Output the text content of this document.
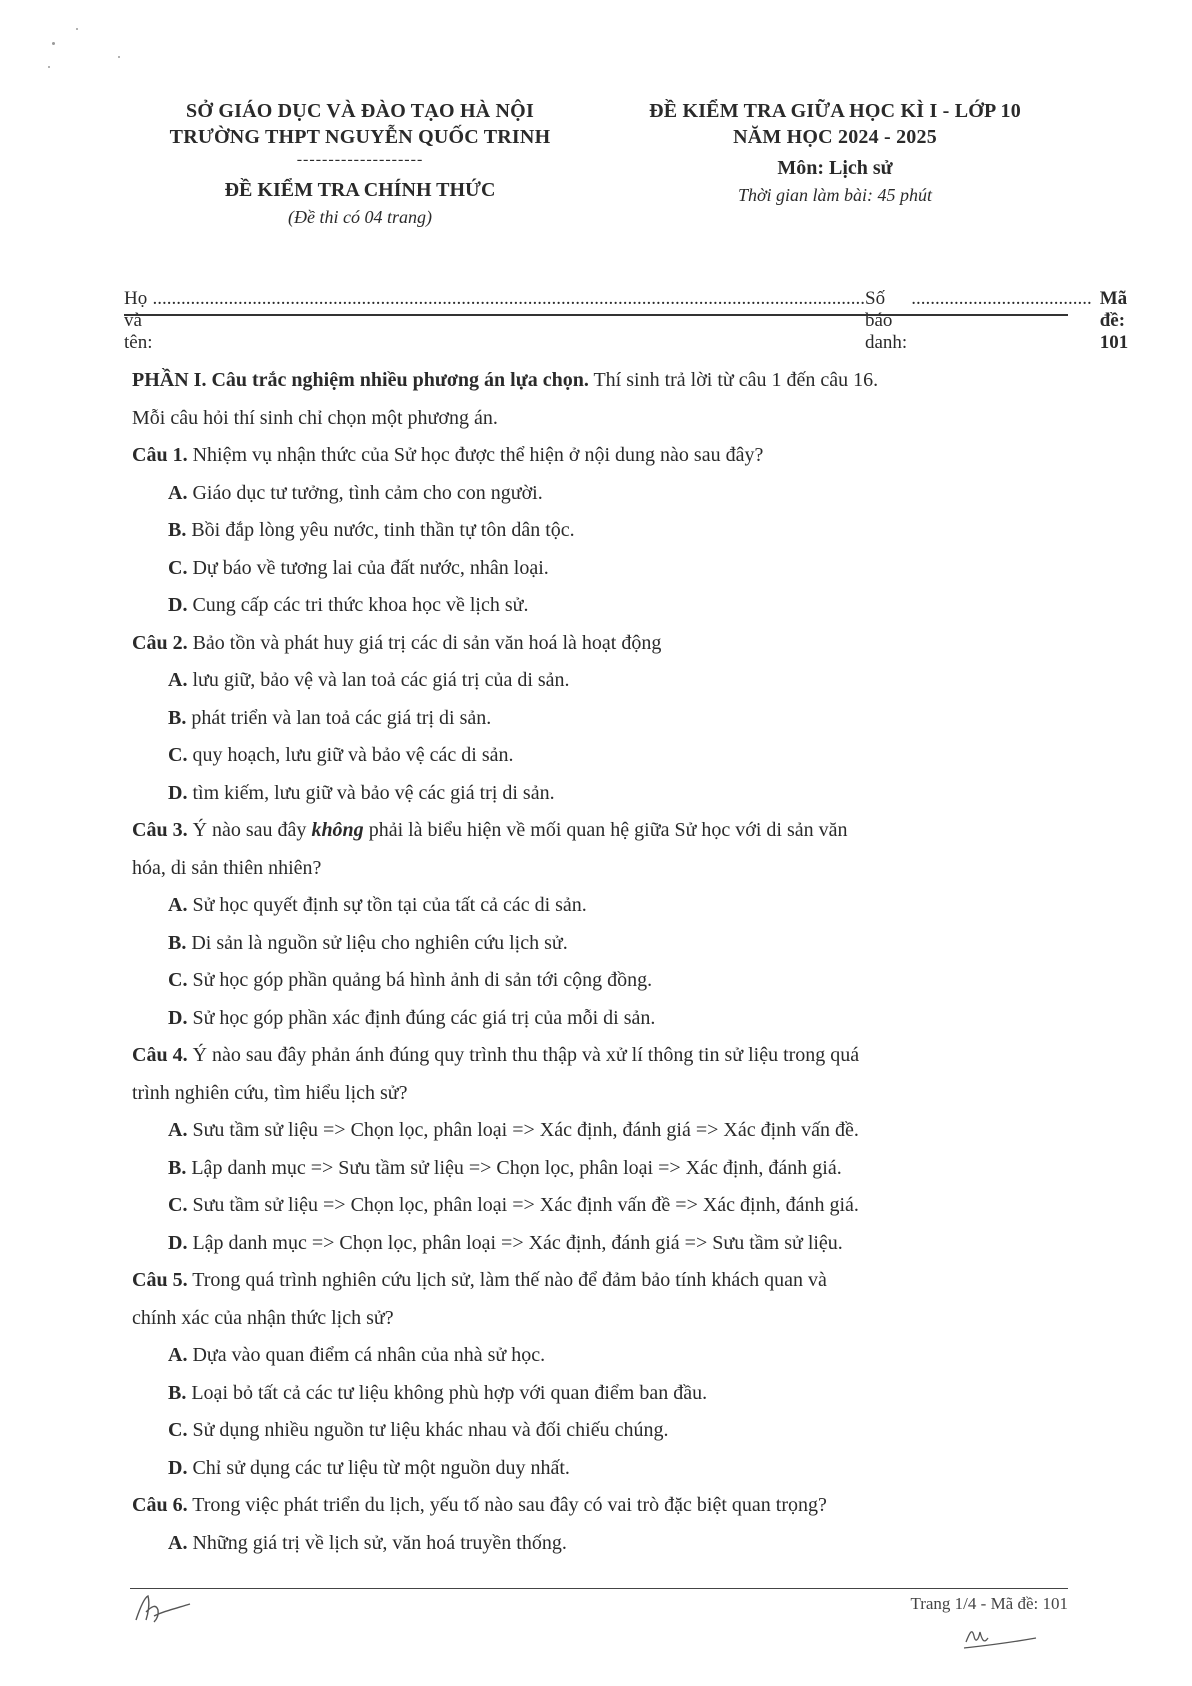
SỞ GIÁO DỤC VÀ ĐÀO TẠO HÀ NỘI
TRƯỜNG THPT NGUYỄN QUỐC TRINH
--------------------
ĐỀ KIỂM TRA CHÍNH THỨC
(Đề thi có 04 trang)
ĐỀ KIỂM TRA GIỮA HỌC KÌ I - LỚP 10
NĂM HỌC 2024 - 2025
Môn: Lịch sử
Thời gian làm bài: 45 phút
Họ và tên:
...................................................................................................................................................... Số báo danh:
...................................... Mã đề: 101

PHẦN I. Câu trắc nghiệm nhiều phương án lựa chọn. Thí sinh trả lời từ câu 1 đến câu 16.

Mỗi câu hỏi thí sinh chỉ chọn một phương án.

Câu 1. Nhiệm vụ nhận thức của Sử học được thể hiện ở nội dung nào sau đây?

A. Giáo dục tư tưởng, tình cảm cho con người.

B. Bồi đắp lòng yêu nước, tinh thần tự tôn dân tộc.

C. Dự báo về tương lai của đất nước, nhân loại.

D. Cung cấp các tri thức khoa học về lịch sử.

Câu 2. Bảo tồn và phát huy giá trị các di sản văn hoá là hoạt động

A. lưu giữ, bảo vệ và lan toả các giá trị của di sản.

B. phát triển và lan toả các giá trị di sản.

C. quy hoạch, lưu giữ và bảo vệ các di sản.

D. tìm kiếm, lưu giữ và bảo vệ các giá trị di sản.

Câu 3. Ý nào sau đây không phải là biểu hiện về mối quan hệ giữa Sử học với di sản văn

hóa, di sản thiên nhiên?

A. Sử học quyết định sự tồn tại của tất cả các di sản.

B. Di sản là nguồn sử liệu cho nghiên cứu lịch sử.

C. Sử học góp phần quảng bá hình ảnh di sản tới cộng đồng.

D. Sử học góp phần xác định đúng các giá trị của mỗi di sản.

Câu 4. Ý nào sau đây phản ánh đúng quy trình thu thập và xử lí thông tin sử liệu trong quá

trình nghiên cứu, tìm hiểu lịch sử?

A. Sưu tầm sử liệu => Chọn lọc, phân loại => Xác định, đánh giá => Xác định vấn đề.

B. Lập danh mục => Sưu tầm sử liệu => Chọn lọc, phân loại => Xác định, đánh giá.

C. Sưu tầm sử liệu => Chọn lọc, phân loại => Xác định vấn đề => Xác định, đánh giá.

D. Lập danh mục => Chọn lọc, phân loại => Xác định, đánh giá => Sưu tầm sử liệu.

Câu 5. Trong quá trình nghiên cứu lịch sử, làm thế nào để đảm bảo tính khách quan và

chính xác của nhận thức lịch sử?

A. Dựa vào quan điểm cá nhân của nhà sử học.

B. Loại bỏ tất cả các tư liệu không phù hợp với quan điểm ban đầu.

C. Sử dụng nhiều nguồn tư liệu khác nhau và đối chiếu chúng.

D. Chỉ sử dụng các tư liệu từ một nguồn duy nhất.

Câu 6. Trong việc phát triển du lịch, yếu tố nào sau đây có vai trò đặc biệt quan trọng?

A. Những giá trị về lịch sử, văn hoá truyền thống.

Trang 1/4 - Mã đề: 101
